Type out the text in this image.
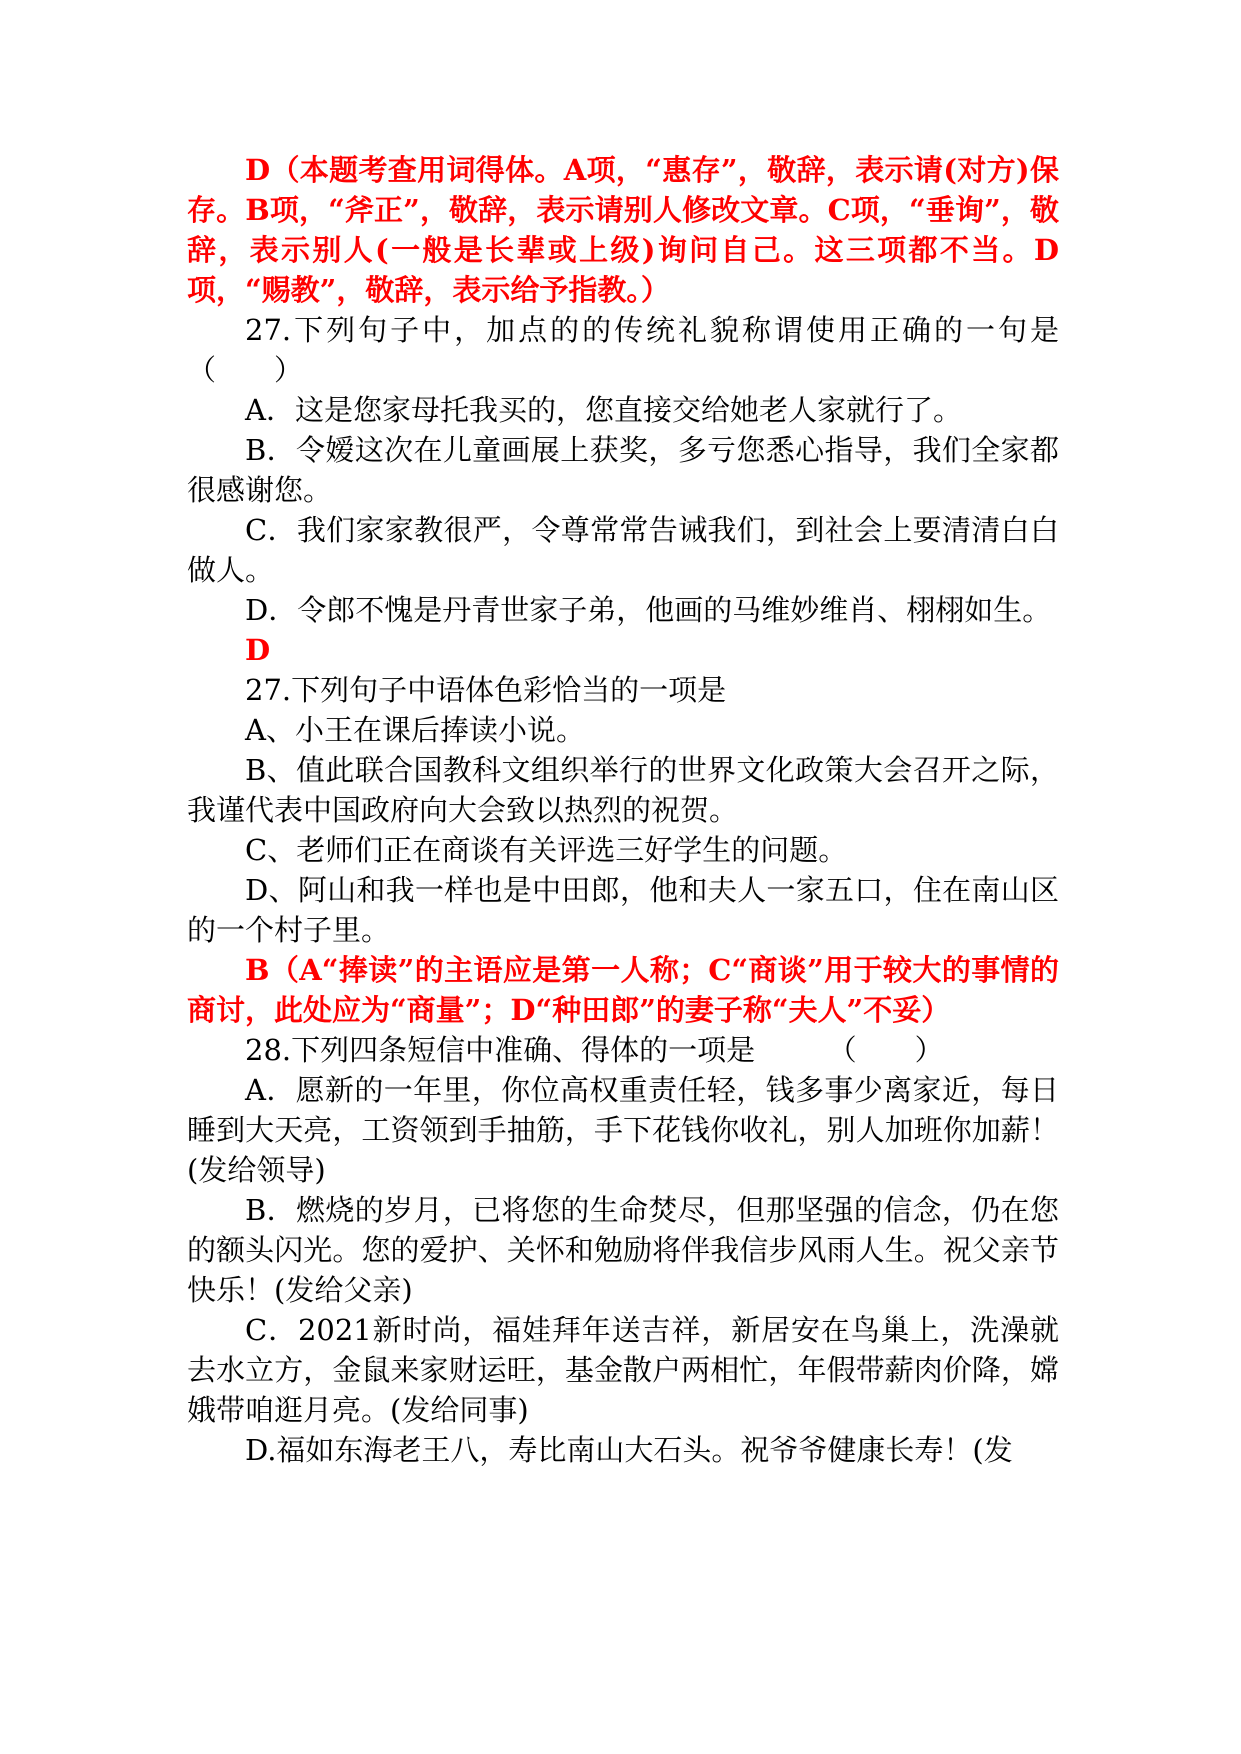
D（本题考查用词得体。A项，“惠存”，敬辞，表示请(对方)保存。B项，“斧正”，敬辞，表示请别人修改文章。C项，“垂询”，敬辞，表示别人(一般是长辈或上级)询问自己。这三项都不当。D项，“赐教”，敬辞，表示给予指教。）

27.下列句子中，加点的的传统礼貌称谓使用正确的一句是（　　）

A．这是您家母托我买的，您直接交给她老人家就行了。

B．令嫒这次在儿童画展上获奖，多亏您悉心指导，我们全家都很感谢您。

C．我们家家教很严，令尊常常告诫我们，到社会上要清清白白做人。

D．令郎不愧是丹青世家子弟，他画的马维妙维肖、栩栩如生。

D

27.下列句子中语体色彩恰当的一项是

A、小王在课后捧读小说。

B、值此联合国教科文组织举行的世界文化政策大会召开之际，我谨代表中国政府向大会致以热烈的祝贺。

C、老师们正在商谈有关评选三好学生的问题。

D、阿山和我一样也是中田郎，他和夫人一家五口，住在南山区的一个村子里。

B（A“捧读”的主语应是第一人称；C“商谈”用于较大的事情的商讨，此处应为“商量”；D“种田郎”的妻子称“夫人”不妥）

28.下列四条短信中准确、得体的一项是　　　（　　）

A．愿新的一年里，你位高权重责任轻，钱多事少离家近，每日睡到大天亮，工资领到手抽筋，手下花钱你收礼，别人加班你加薪！(发给领导)

B．燃烧的岁月，已将您的生命焚尽，但那坚强的信念，仍在您的额头闪光。您的爱护、关怀和勉励将伴我信步风雨人生。祝父亲节快乐！(发给父亲)

C．2021新时尚，福娃拜年送吉祥，新居安在鸟巢上，洗澡就去水立方，金鼠来家财运旺，基金散户两相忙，年假带薪肉价降，嫦娥带咱逛月亮。(发给同事)

D.福如东海老王八，寿比南山大石头。祝爷爷健康长寿！(发
